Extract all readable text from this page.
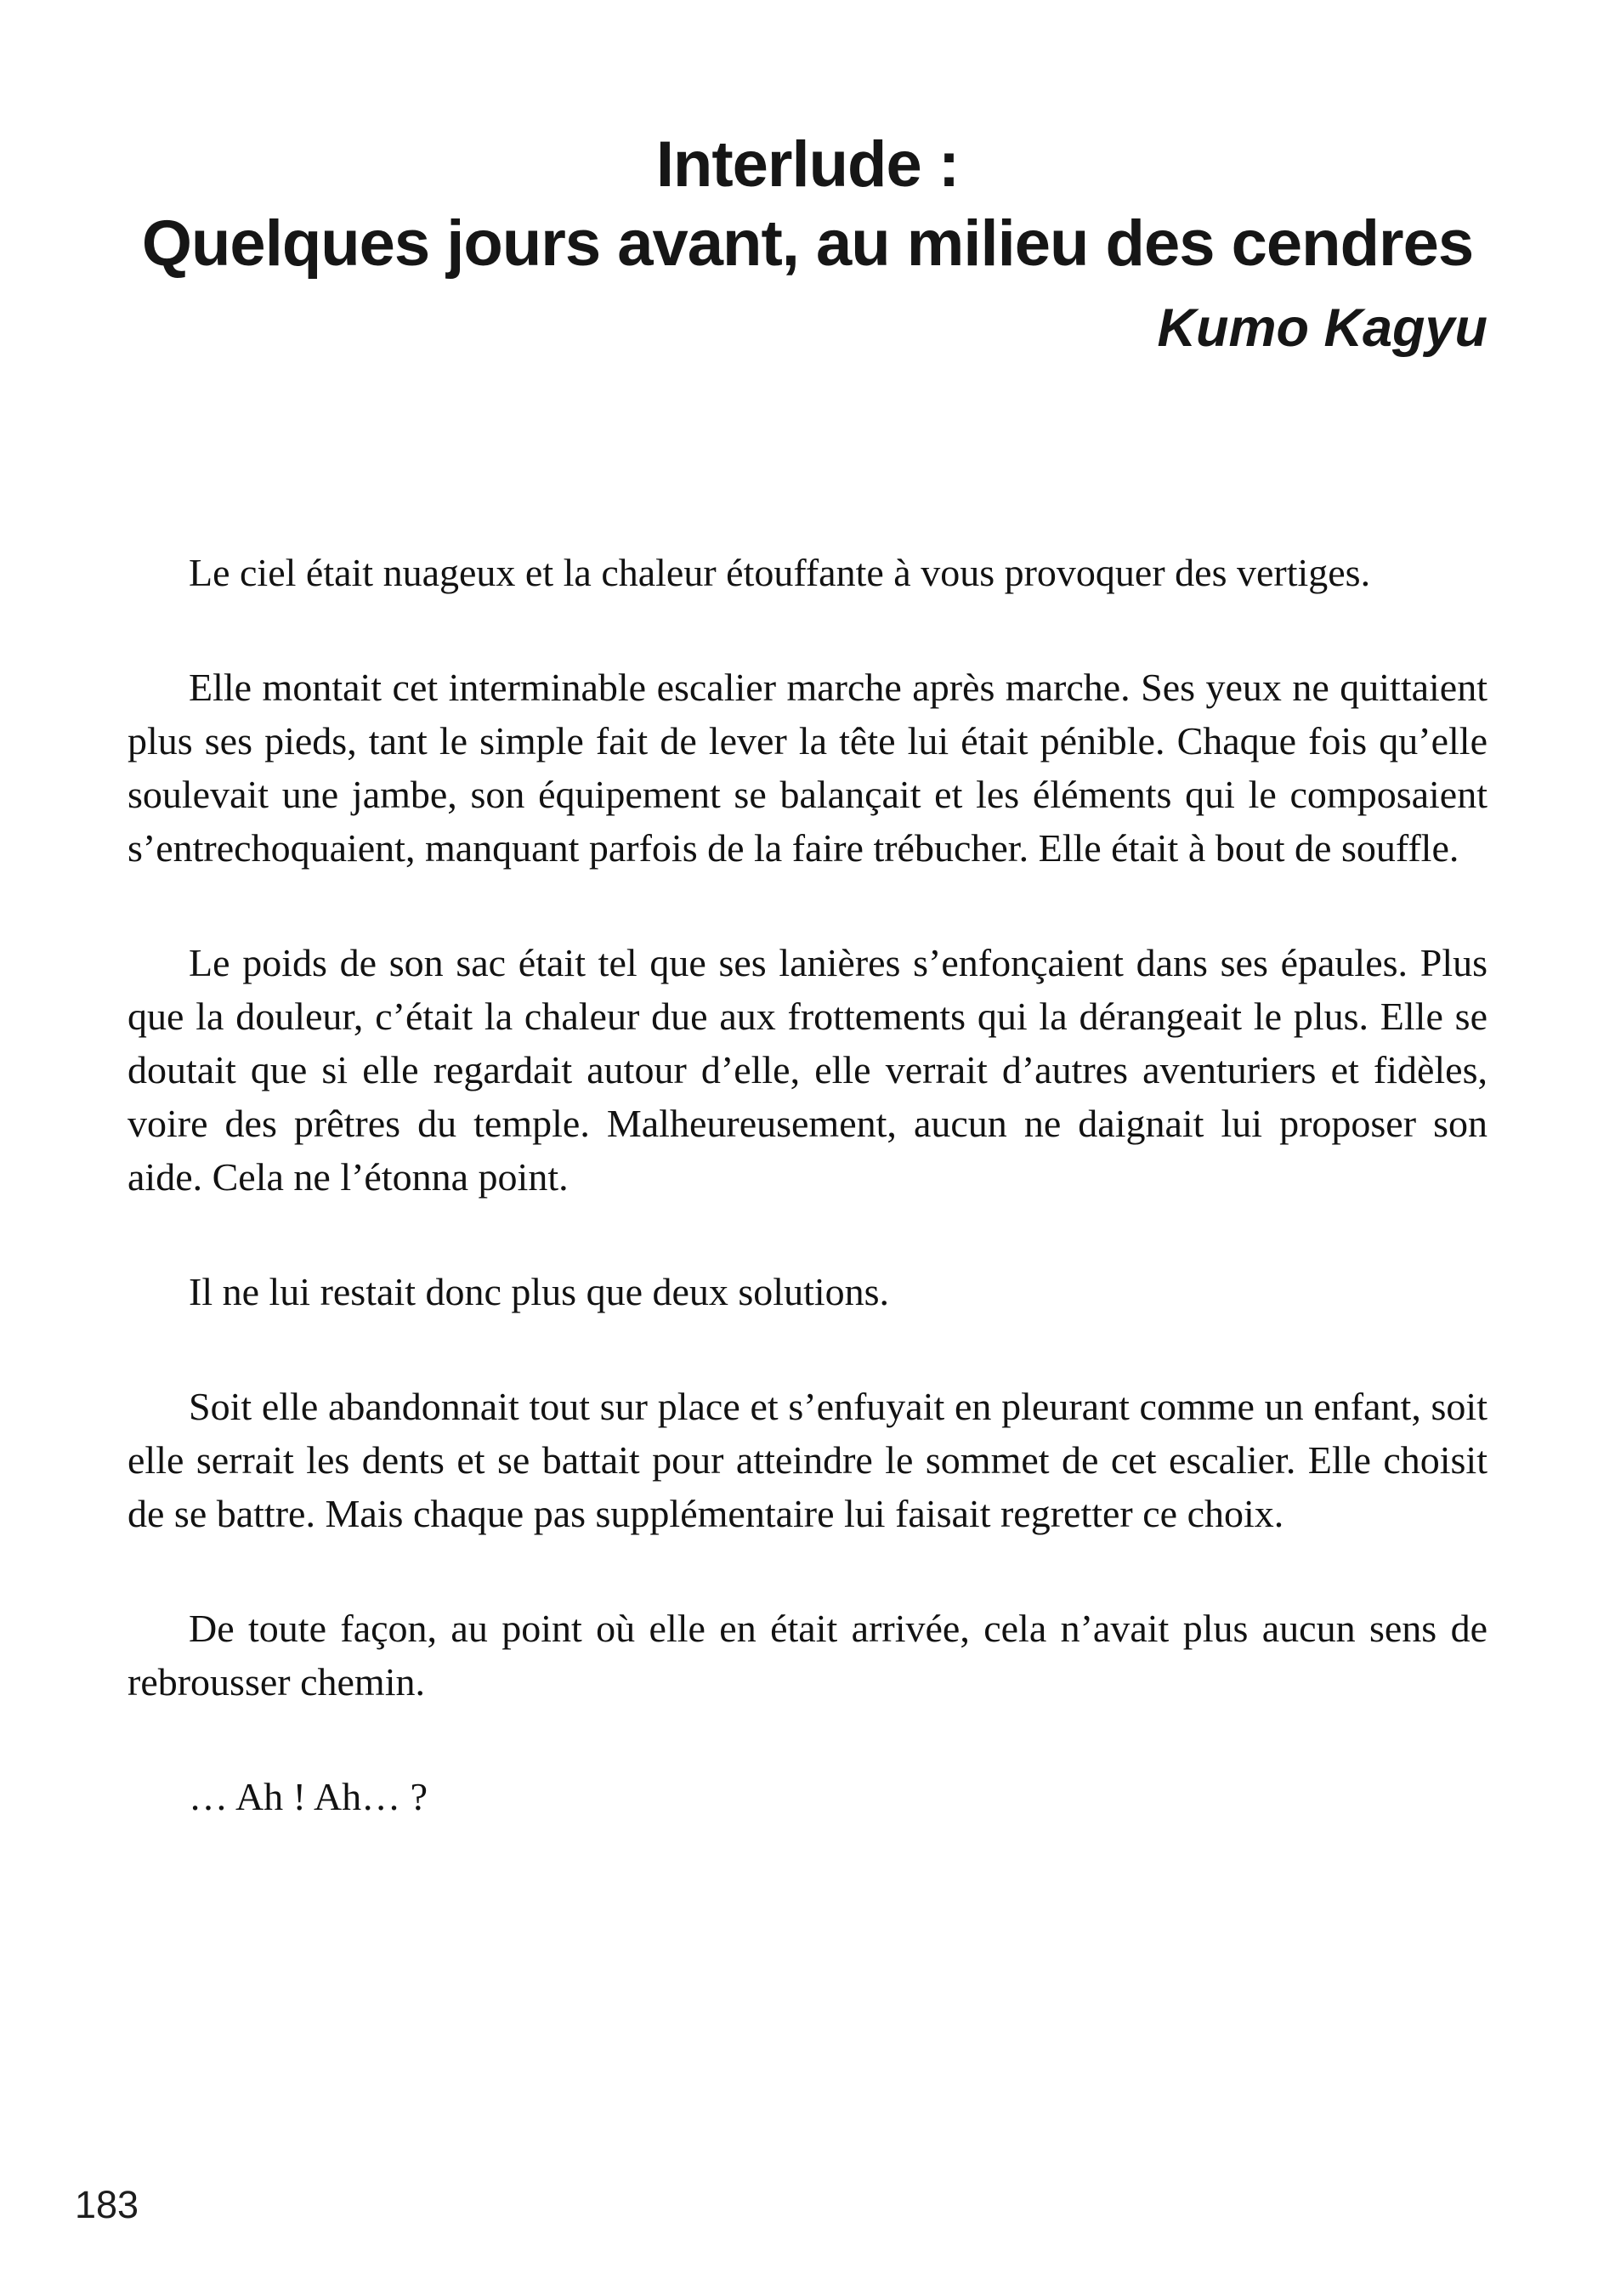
Interlude :
Quelques jours avant, au milieu des cendres
Kumo Kagyu

Le ciel était nuageux et la chaleur étouffante à vous provoquer des vertiges.

Elle montait cet interminable escalier marche après marche. Ses yeux ne quittaient plus ses pieds, tant le simple fait de lever la tête lui était pénible. Chaque fois qu’elle soulevait une jambe, son équipement se balançait et les éléments qui le composaient s’entrechoquaient, manquant parfois de la faire trébucher. Elle était à bout de souffle.

Le poids de son sac était tel que ses lanières s’enfonçaient dans ses épaules. Plus que la douleur, c’était la chaleur due aux frottements qui la dérangeait le plus. Elle se doutait que si elle regardait autour d’elle, elle verrait d’autres aventuriers et fidèles, voire des prêtres du temple. Malheureusement, aucun ne daignait lui proposer son aide. Cela ne l’étonna point.

Il ne lui restait donc plus que deux solutions.

Soit elle abandonnait tout sur place et s’enfuyait en pleurant comme un enfant, soit elle serrait les dents et se battait pour atteindre le sommet de cet escalier. Elle choisit de se battre. Mais chaque pas supplémentaire lui faisait regretter ce choix.

De toute façon, au point où elle en était arrivée, cela n’avait plus aucun sens de rebrousser chemin.

… Ah ! Ah… ?

183
